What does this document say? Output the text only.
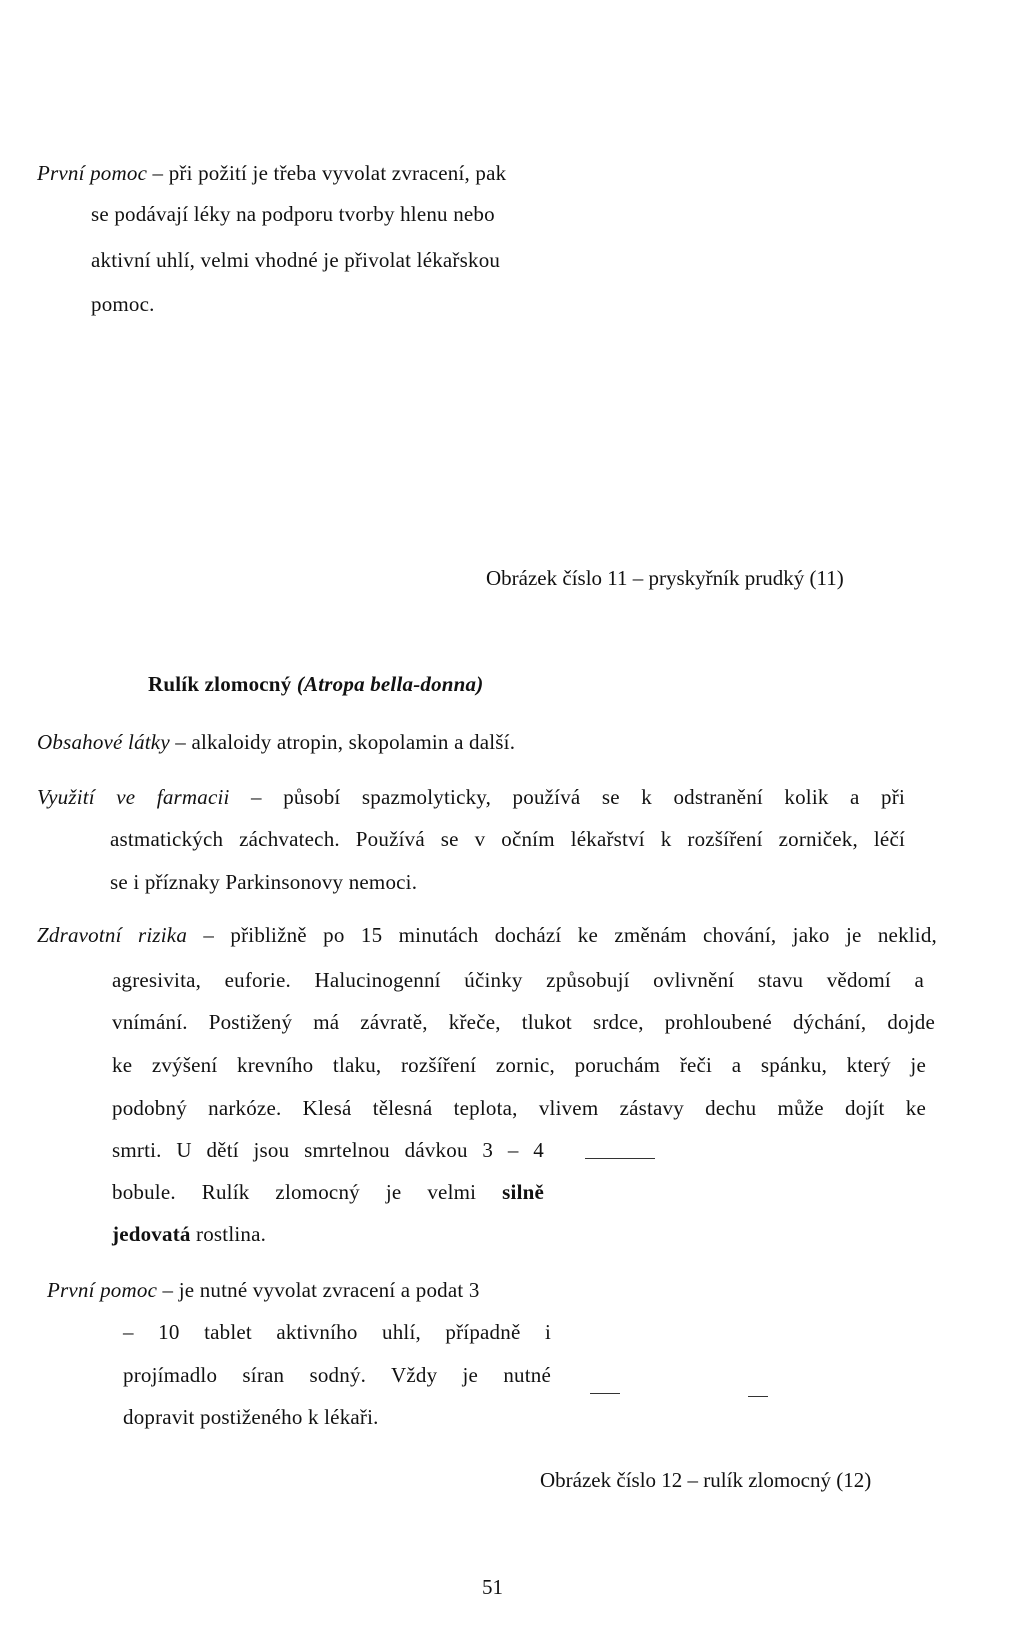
První pomoc – při požití je třeba vyvolat zvracení, pak
se podávají léky na podporu tvorby hlenu nebo
aktivní uhlí, velmi vhodné je přivolat lékařskou
pomoc.
Obrázek číslo 11 – pryskyřník prudký (11)
Rulík zlomocný (Atropa bella-donna)
Obsahové látky – alkaloidy atropin, skopolamin a další.
Využití ve farmacii – působí spazmolyticky, používá se k odstranění kolik a při
astmatických záchvatech. Používá se v očním lékařství k rozšíření zorniček, léčí
se i příznaky Parkinsonovy nemoci.
Zdravotní rizika – přibližně po 15 minutách dochází ke změnám chování, jako je neklid,
agresivita, euforie. Halucinogenní účinky způsobují ovlivnění stavu vědomí a
vnímání. Postižený má závratě, křeče, tlukot srdce, prohloubené dýchání, dojde
ke zvýšení krevního tlaku, rozšíření zornic, poruchám řeči a spánku, který je
podobný narkóze. Klesá tělesná teplota, vlivem zástavy dechu může dojít ke
smrti. U dětí jsou smrtelnou dávkou 3 – 4
bobule. Rulík zlomocný je velmi silně
jedovatá rostlina.
První pomoc – je nutné vyvolat zvracení a podat 3
– 10 tablet aktivního uhlí, případně i
projímadlo síran sodný. Vždy je nutné
dopravit postiženého k lékaři.
Obrázek číslo 12 – rulík zlomocný (12)
51
